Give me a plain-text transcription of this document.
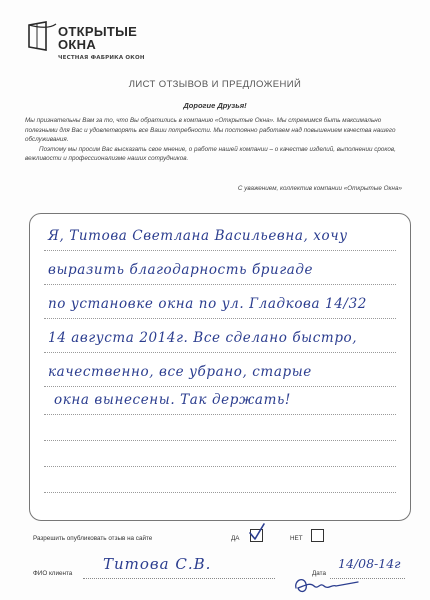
ОТКРЫТЫЕ
ОКНА
ЧЕСТНАЯ ФАБРИКА ОКОН
ЛИСТ ОТЗЫВОВ И ПРЕДЛОЖЕНИЙ
Дорогие Друзья!

Мы признательны Вам за то, что Вы обратились в компанию «Открытые Окна». Мы стремимся быть максимально полезными для Вас и удовлетворять все Ваши потребности. Мы постоянно работаем над повышением качества нашего обслуживания.

Поэтому мы просим Вас высказать свое мнение, о работе нашей компании – о качестве изделий, выполнении сроков, вежливости и профессионализме наших сотрудников.

С уважением, коллектив компании «Открытые Окна»
Я, Титова Светлана Васильевна, хочу
выразить благодарность бригаде
по установке окна по ул. Гладкова 14/32
14 августа 2014г. Все сделано быстро,
качественно, все убрано, старые
окна вынесены. Так держать!
Разрешить опубликовать отзыв на сайте	ДА	НЕТ
ФИО клиента
Титова С.В.
Дата
14/08-14г
